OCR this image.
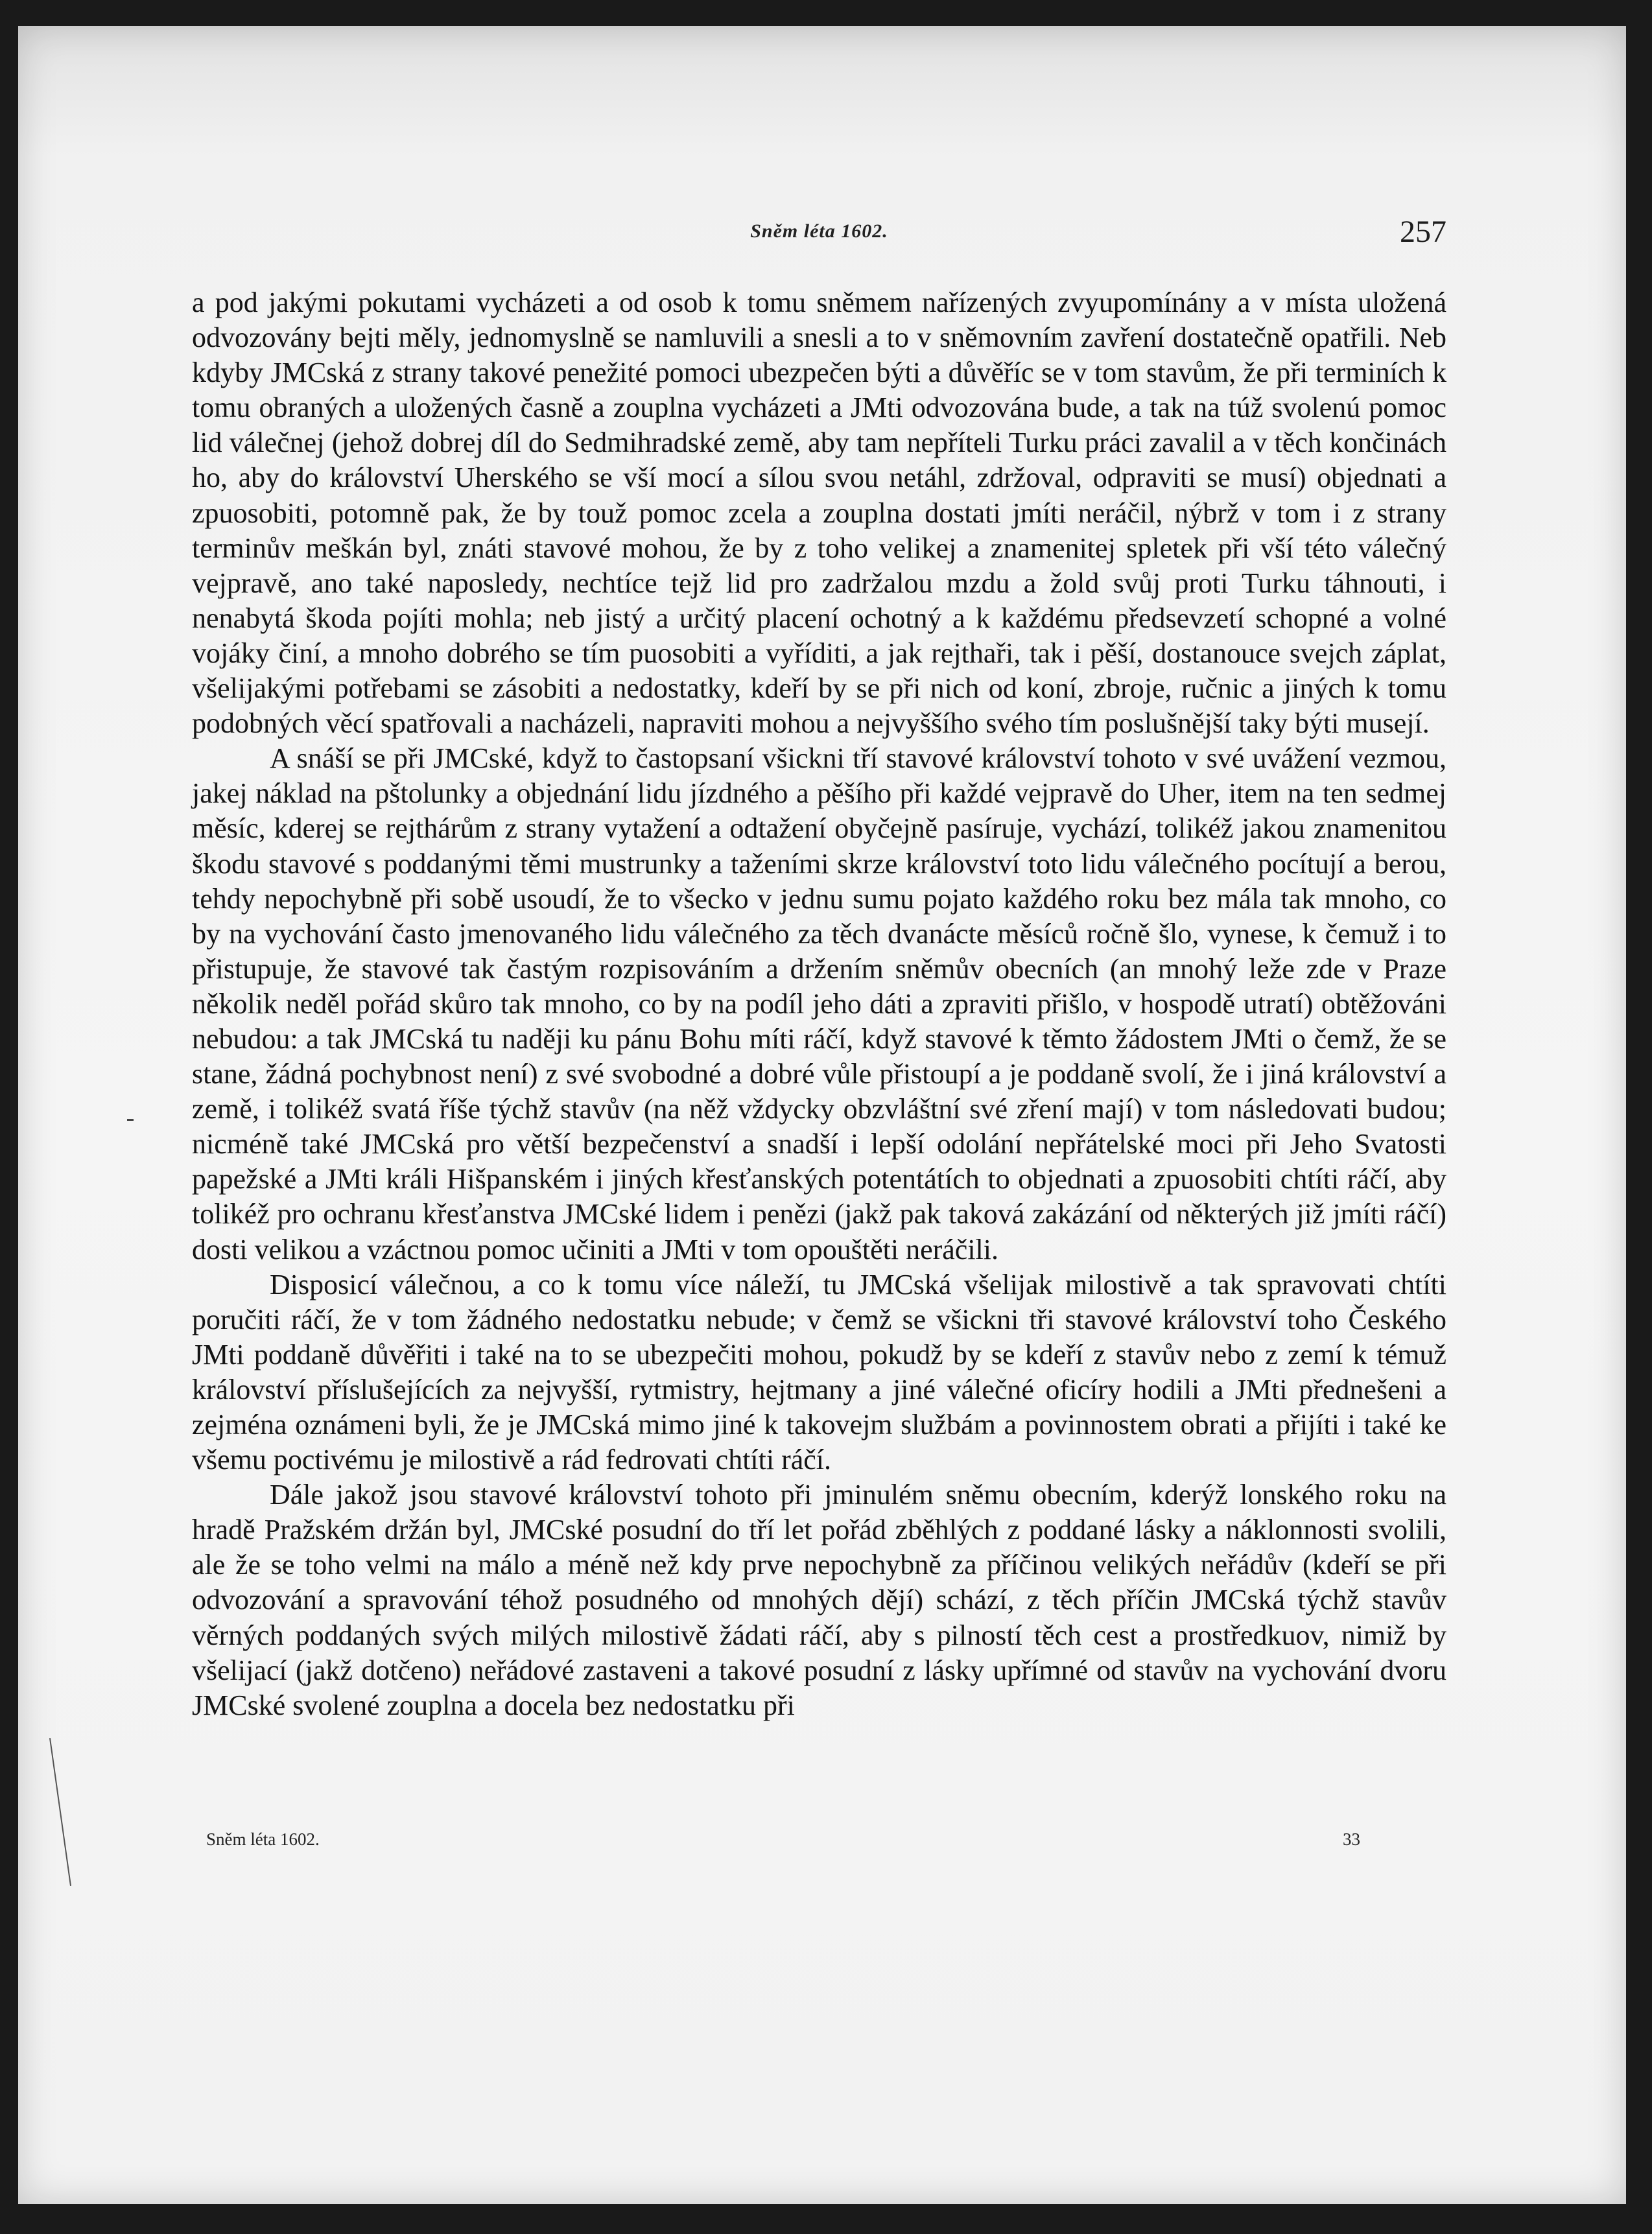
Sněm léta 1602.	257

a pod jakými pokutami vycházeti a od osob k tomu sněmem nařízených zvyupomínány a v místa uložená odvozovány bejti měly, jednomyslně se namluvili a snesli a to v sněmovním zavření dostatečně opatřili. Neb kdyby JMCská z strany takové penežité pomoci ubezpečen býti a důvěříc se v tom stavům, že při terminích k tomu obraných a uložených časně a zouplna vycházeti a JMti odvozována bude, a tak na túž svolenú pomoc lid válečnej (jehož dobrej díl do Sedmihradské země, aby tam nepříteli Turku práci zavalil a v těch končinách ho, aby do království Uherského se vší mocí a sílou svou netáhl, zdržoval, odpraviti se musí) objednati a zpuosobiti, potomně pak, že by touž pomoc zcela a zouplna dostati jmíti neráčil, nýbrž v tom i z strany terminův meškán byl, znáti stavové mohou, že by z toho velikej a znamenitej spletek při vší této válečný vejpravě, ano také naposledy, nechtíce tejž lid pro zadržalou mzdu a žold svůj proti Turku táhnouti, i nenabytá škoda pojíti mohla; neb jistý a určitý placení ochotný a k každému předsevzetí schopné a volné vojáky činí, a mnoho dobrého se tím puosobiti a vyříditi, a jak rejthaři, tak i pěší, dostanouce svejch záplat, všelijakými potřebami se zásobiti a nedostatky, kdeří by se při nich od koní, zbroje, ručnic a jiných k tomu podobných věcí spatřovali a nacházeli, napraviti mohou a nejvyššího svého tím poslušnější taky býti musejí.

A snáší se při JMCské, když to častopsaní všickni tří stavové království tohoto v své uvážení vezmou, jakej náklad na pštolunky a objednání lidu jízdného a pěšího při každé vejpravě do Uher, item na ten sedmej měsíc, kderej se rejthárům z strany vytažení a odtažení obyčejně pasíruje, vychází, tolikéž jakou znamenitou škodu stavové s poddanými těmi mustrunky a taženími skrze království toto lidu válečného pocítují a berou, tehdy nepochybně při sobě usoudí, že to všecko v jednu sumu pojato každého roku bez mála tak mnoho, co by na vychování často jmenovaného lidu válečného za těch dvanácte měsíců ročně šlo, vynese, k čemuž i to přistupuje, že stavové tak častým rozpisováním a držením sněmův obecních (an mnohý leže zde v Praze několik neděl pořád skůro tak mnoho, co by na podíl jeho dáti a zpraviti přišlo, v hospodě utratí) obtěžováni nebudou: a tak JMCská tu naději ku pánu Bohu míti ráčí, když stavové k těmto žádostem JMti o čemž, že se stane, žádná pochybnost není) z své svobodné a dobré vůle přistoupí a je poddaně svolí, že i jiná království a země, i tolikéž svatá říše týchž stavův (na něž vždycky obzvláštní své zření mají) v tom následovati budou; nicméně také JMCská pro větší bezpečenství a snadší i lepší odolání nepřátelské moci při Jeho Svatosti papežské a JMti králi Hišpanském i jiných křesťanských potentátích to objednati a zpuosobiti chtíti ráčí, aby tolikéž pro ochranu křesťanstva JMCské lidem i penězi (jakž pak taková zakázání od některých již jmíti ráčí) dosti velikou a vzáctnou pomoc učiniti a JMti v tom opouštěti neráčili.

Disposicí válečnou, a co k tomu více náleží, tu JMCská všelijak milostivě a tak spravovati chtíti poručiti ráčí, že v tom žádného nedostatku nebude; v čemž se všickni tři stavové království toho Českého JMti poddaně důvěřiti i také na to se ubezpečiti mohou, pokudž by se kdeří z stavův nebo z zemí k témuž království příslušejících za nejvyšší, rytmistry, hejtmany a jiné válečné oficíry hodili a JMti přednešeni a zejména oznámeni byli, že je JMCská mimo jiné k takovejm službám a povinnostem obrati a přijíti i také ke všemu poctivému je milostivě a rád fedrovati chtíti ráčí.

Dále jakož jsou stavové království tohoto při jminulém sněmu obecním, kderýž lonského roku na hradě Pražském držán byl, JMCské posudní do tří let pořád zběhlých z poddané lásky a náklonnosti svolili, ale že se toho velmi na málo a méně než kdy prve nepochybně za příčinou velikých neřádův (kdeří se při odvozování a spravování téhož posudného od mnohých dějí) schází, z těch příčin JMCská týchž stavův věrných poddaných svých milých milostivě žádati ráčí, aby s pilností těch cest a prostředkuov, nimiž by všelijací (jakž dotčeno) neřádové zastaveni a takové posudní z lásky upřímné od stavův na vychování dvoru JMCské svolené zouplna a docela bez nedostatku při

Sněm léta 1602.	33
